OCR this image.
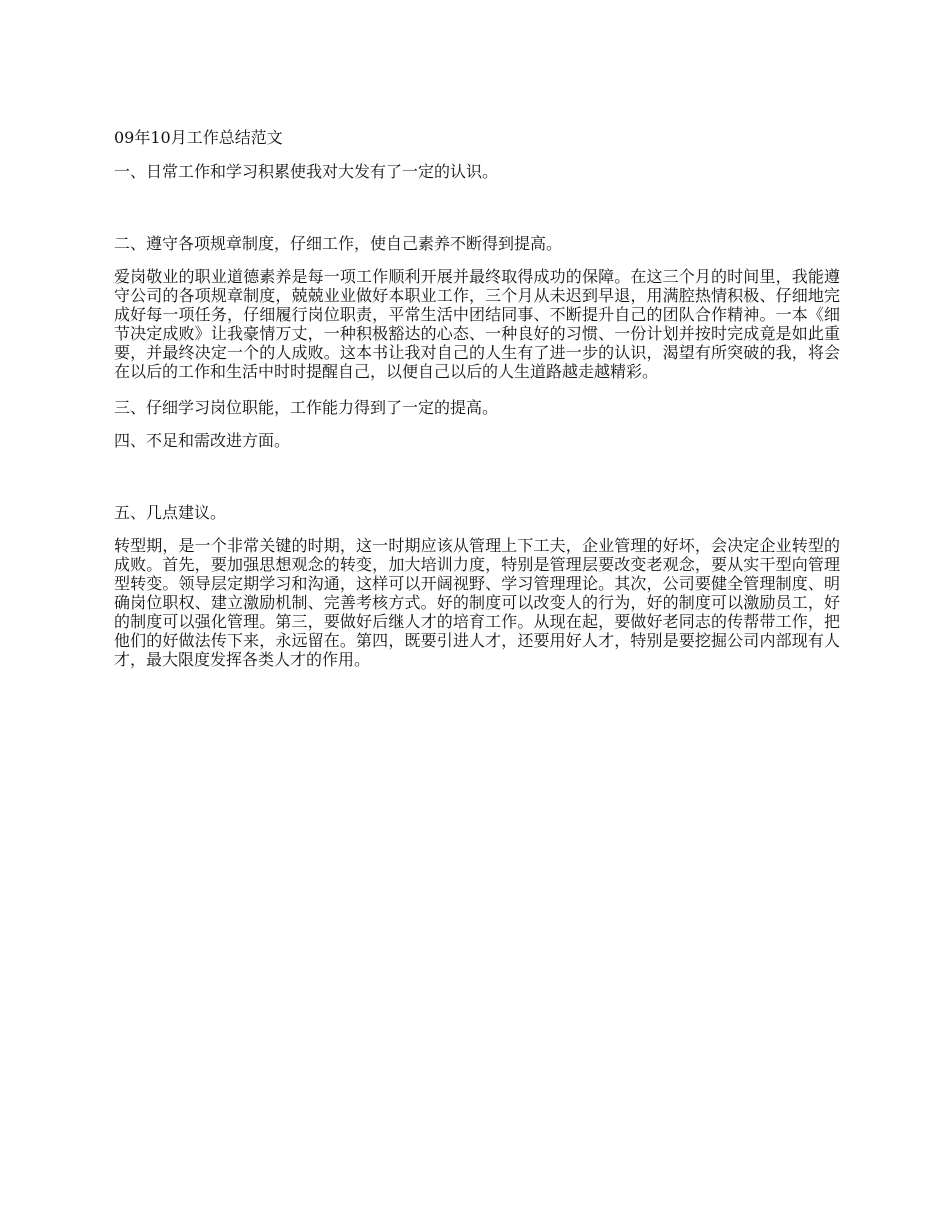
09年10月工作总结范文

一、日常工作和学习积累使我对大发有了一定的认识。

二、遵守各项规章制度，仔细工作，使自己素养不断得到提高。

爱岗敬业的职业道德素养是每一项工作顺利开展并最终取得成功的保障。在这三个月的时间里，我能遵守公司的各项规章制度，兢兢业业做好本职业工作，三个月从未迟到早退，用满腔热情积极、仔细地完成好每一项任务，仔细履行岗位职责，平常生活中团结同事、不断提升自己的团队合作精神。一本《细节决定成败》让我豪情万丈，一种积极豁达的心态、一种良好的习惯、一份计划并按时完成竟是如此重要，并最终决定一个的人成败。这本书让我对自己的人生有了进一步的认识，渴望有所突破的我，将会在以后的工作和生活中时时提醒自己，以便自己以后的人生道路越走越精彩。

三、仔细学习岗位职能，工作能力得到了一定的提高。

四、不足和需改进方面。

五、几点建议。

转型期，是一个非常关键的时期，这一时期应该从管理上下工夫，企业管理的好坏，会决定企业转型的成败。首先，要加强思想观念的转变，加大培训力度，特别是管理层要改变老观念，要从实干型向管理型转变。领导层定期学习和沟通，这样可以开阔视野、学习管理理论。其次，公司要健全管理制度、明确岗位职权、建立激励机制、完善考核方式。好的制度可以改变人的行为，好的制度可以激励员工，好的制度可以强化管理。第三，要做好后继人才的培育工作。从现在起，要做好老同志的传帮带工作，把他们的好做法传下来，永远留在。第四，既要引进人才，还要用好人才，特别是要挖掘公司内部现有人才，最大限度发挥各类人才的作用。
